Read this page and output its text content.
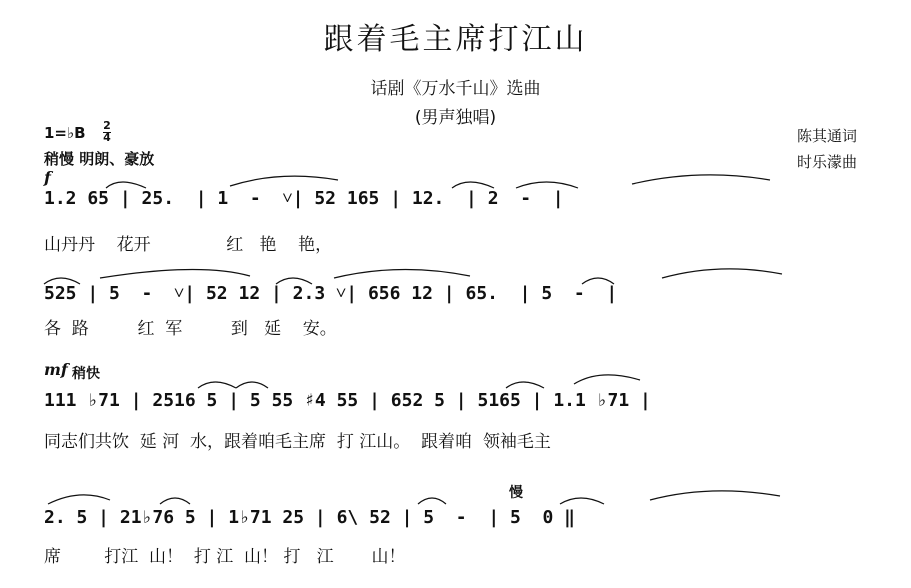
跟着毛主席打江山
话剧《万水千山》选曲
(男声独唱)
1=♭B 2
4
稍慢 明朗、豪放
陈其通词
时乐濛曲
f
mf 稍快
慢
1.2 65 | 25.  | 1  -  ˅| 52 165 | 12.  | 2  -  |
山丹丹    花开              红   艳    艳，
525 | 5  -  ˅| 52 12 | 2.3 ˅| 656 12 | 65.  | 5  -  |
各  路         红  军         到   延    安。
111 ♭71 | 2516 5 | 5 55 ♯4 55 | 652 5 | 5165 | 1.1 ♭71 |
同志们共饮  延 河  水，跟着咱毛主席  打 江山。  跟着咱  领袖毛主
2. 5 | 21♭76 5 | 1♭71 25 | 6\ 52 | 5  -  | 5  0 ‖
席        打江  山！  打 江  山！ 打   江       山！
